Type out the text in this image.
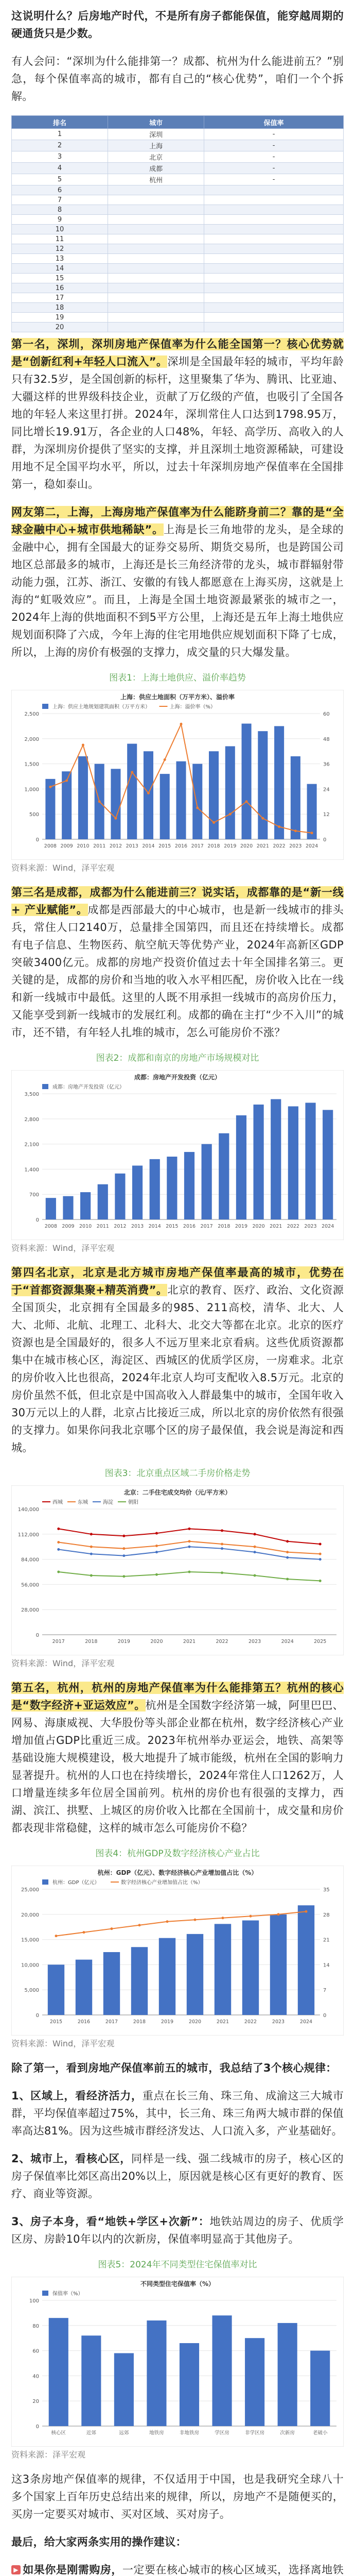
这说明什么？后房地产时代，不是所有房子都能保值，能穿越周期的硬通货只是少数。

有人会问：“深圳为什么能排第一？成都、杭州为什么能进前五？”别急，每个保值率高的城市，都有自己的“核心优势”，咱们一个个拆解。

排名	城市	保值率
1	深圳	-
2	上海	-
3	北京	-
4	成都	-
5	杭州	-
6		
7		
8		
9		
10		
11		
12		
13		
14		
15		
16		
17		
18		
19		
20		

第一名，深圳，深圳房地产保值率为什么能全国第一？核心优势就是“创新红利+年轻人口流入”。深圳是全国最年轻的城市，平均年龄只有32.5岁，是全国创新的标杆，这里聚集了华为、腾讯、比亚迪、大疆这样的世界级科技企业，贡献了万亿级的产值，也吸引了全国各地的年轻人来这里打拼。2024年，深圳常住人口达到1798.95万，同比增长19.91万，各企业的人口48%，年轻、高学历、高收入的人群，为深圳房价提供了坚实的支撑，并且深圳土地资源稀缺，可建设用地不足全国平均水平，所以，过去十年深圳房地产保值率在全国排第一，稳如泰山。

网友第二，上海，上海房地产保值率为什么能跻身前二？靠的是“全球金融中心+城市供地稀缺”。上海是长三角地带的龙头，是全球的金融中心，拥有全国最大的证券交易所、期货交易所，也是跨国公司地区总部最多的城市，上海还是长三角经济带的龙头，城市群辐射带动能力强，江苏、浙江、安徽的有钱人都愿意在上海买房，这就是上海的“虹吸效应”。而且，上海是全国土地资源最紧张的城市之一，2024年上海的供地面积不到5平方公里，上海还是五年上海土地供应规划面积降了六成，今年上海的住宅用地供应规划面积下降了七成，所以，上海的房价有极强的支撑力，成交量的只大爆发量。

图表1：上海土地供应、溢价率趋势
上海：供应土地面积（万平方米）、溢价率
上海：供应土地规划建筑面积（万平方米）	上海：溢价率（%）
0
500
1,000
1,500
2,000
2,500
2008 2009 2010 2011 2012 2013 2014 2015 2016 2017 2018 2019 2020 2021 2022 2023 2024
0
12
24
36
48
60
资料来源：Wind，泽平宏观

第三名是成都，成都为什么能进前三？说实话，成都靠的是“新一线 + 产业赋能”。成都是西部最大的中心城市，也是新一线城市的排头兵，常住人口2140万，总量排全国第四，而且还在持续增长。成都有电子信息、生物医药、航空航天等优势产业，2024年高新区GDP突破3400亿元。成都的房地产投资价值过去十年全国排名第三。更关键的是，成都的房价和当地的收入水平相匹配，房价收入比在一线和新一线城市中最低。这里的人既不用承担一线城市的高房价压力，又能享受到新一线城市的发展红利。成都的确在主打“少不入川”的城市，还不错，有年轻人扎堆的城市，怎么可能房价不涨？

图表2：成都和南京的房地产市场规模对比
成都：房地产开发投资（亿元）
成都：房地产开发投资（亿元）
0
700
1,400
2,100
2,800
3,500
2008 2009 2010 2011 2012 2013 2014 2015 2016 2017 2018 2019 2020 2021 2022 2023 2024
资料来源：Wind，泽平宏观

第四名北京，北京是北方城市房地产保值率最高的城市，优势在于“首都资源集聚+精英消费”。北京的教育、医疗、政治、文化资源全国顶尖，北京拥有全国最多的985、211高校，清华、北大、人大、北师、北航、北理工、北科大、北交大等都在北京。北京的医疗资源也是全国最好的，很多人不远万里来北京看病。这些优质资源都集中在城市核心区，海淀区、西城区的优质学区房，一房难求。北京的房价收入比也很高，2024年北京人均可支配收入8.5万元。北京的房价虽然不低，但北京是中国高收入人群最集中的城市，全国年收入30万元以上的人群，北京占比接近三成，所以北京的房价依然有很强的支撑力。如果你问我北京哪个区的房子最保值，我会说是海淀和西城。

图表3：北京重点区域二手房价格走势
北京：二手住宅成交均价（元/平方米）
西城	东城	海淀	朝阳
0
28,000
56,000
84,000
112,000
140,000
2017	2018	2019	2020	2021	2022	2023	2024	2025
资料来源：Wind，泽平宏观

第五名，杭州，杭州的房地产保值率为什么能排第五？杭州的核心是“数字经济+亚运效应”。杭州是全国数字经济第一城，阿里巴巴、网易、海康威视、大华股份等头部企业都在杭州，数字经济核心产业增加值占GDP比重近三成。2023年杭州举办亚运会，地铁、高架等基础设施大规模建设，极大地提升了城市能级，杭州在全国的影响力显著提升。杭州的人口也在持续增长，2024年常住人口1262万，人口增量连续多年位居全国前列。杭州的房价也有很强的支撑力，西湖、滨江、拱墅、上城区的房价收入比都在全国前十，成交量和房价都表现非常稳健，这样的城市怎么可能房价不稳？

图表4：杭州GDP及数字经济核心产业占比
杭州：GDP（亿元）、数字经济核心产业增加值占比（%）
杭州：GDP（亿元）	数字经济核心产业增加值占比（%）
0
5,000
10,000
15,000
20,000
25,000
2015	2016	2017	2018	2019	2020	2021	2022	2023	2024
0
7
14
21
28
35
资料来源：Wind，泽平宏观

除了第一，看到房地产保值率前五的城市，我总结了3个核心规律：

1、区域上，看经济活力，重点在长三角、珠三角、成渝这三大城市群，平均保值率超过75%，其中，长三角、珠三角两大城市群的保值率高达81%。因为这些城市群经济发达、人口流入多，产业基础好。

2、城市上，看核心区，同样是一线、强二线城市的房子，核心区的房子保值率比郊区高出20%以上，原因就是核心区有更好的教育、医疗、商业等资源。

3、房子本身，看“地铁+学区+次新”：地铁站周边的房子、优质学区房、房龄10年以内的次新房，保值率明显高于其他房子。

图表5：2024年不同类型住宅保值率对比
不同类型住宅保值率（%）
保值率（%）
0
20
40
60
80
100
核心区	近郊	远郊	地铁房	非地铁房	学区房	非学区房	次新房	老破小
资料来源：泽平宏观

这3条房地产保值率的规律，不仅适用于中国，也是我研究全球八十多个国家上百年历史总结出来的规律，所以，房地产不是随便买的，买房一定要买对城市、买对区域、买对房子。

最后，给大家两条实用的操作建议：

▶ 如果你是刚需购房，一定要在核心城市的核心区域买，选择离地铁
